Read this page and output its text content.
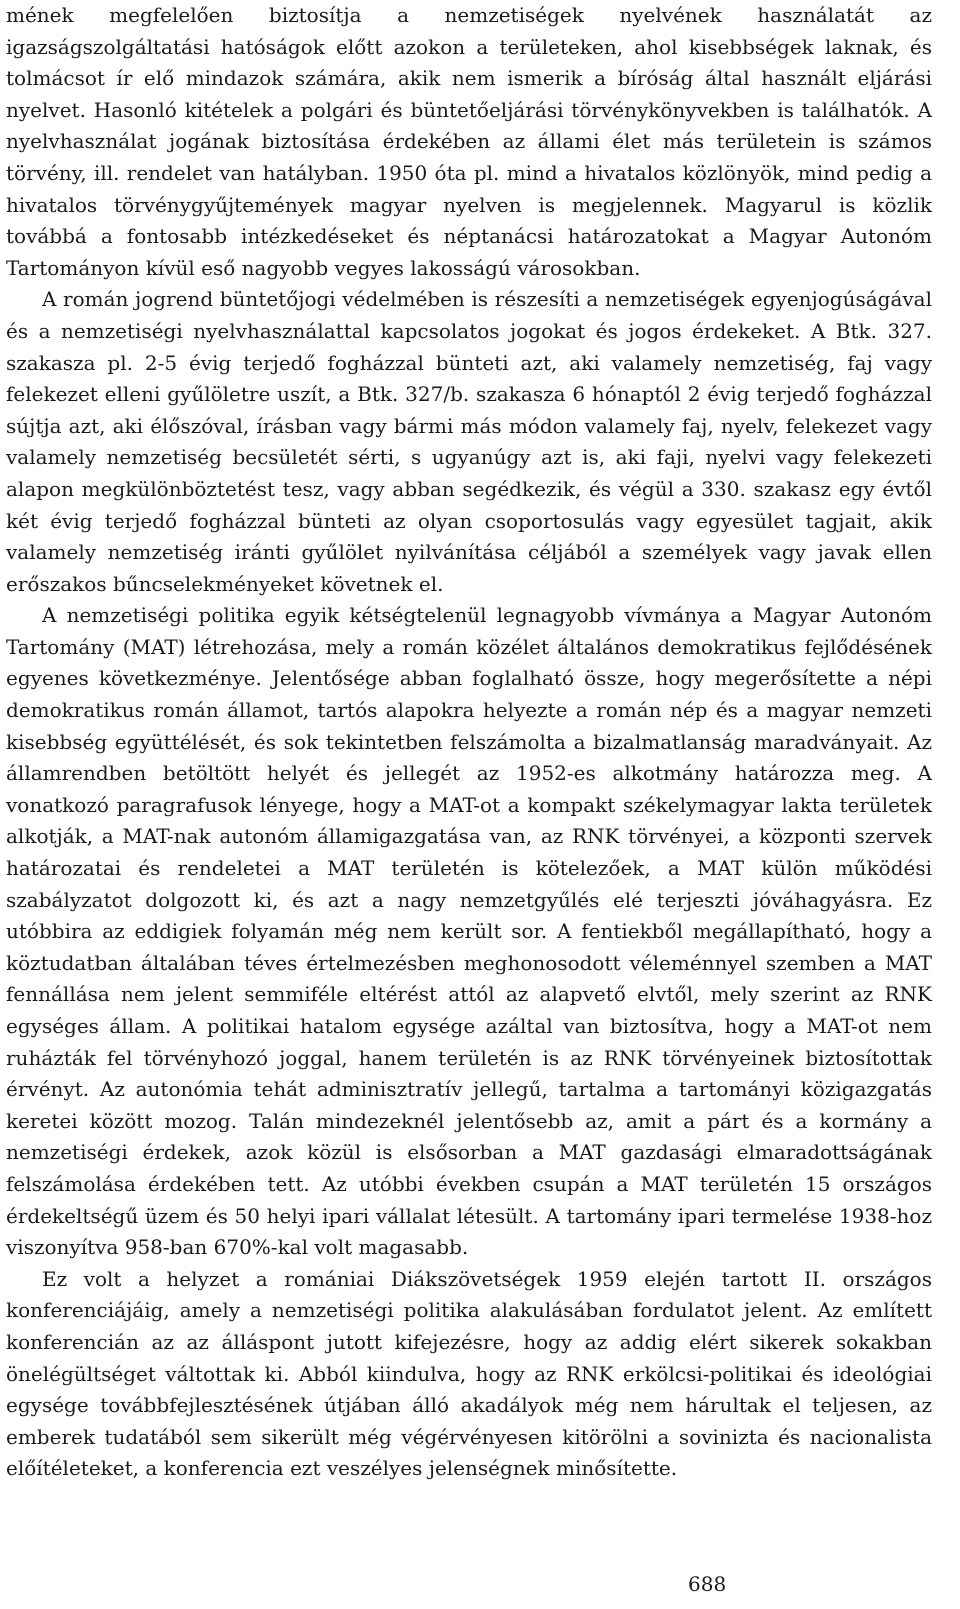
mének megfelelően biztosítja a nemzetiségek nyelvének használatát az igazságszolgáltatási hatóságok előtt azokon a területeken, ahol kisebbségek laknak, és tolmácsot ír elő mindazok számára, akik nem ismerik a bíróság által használt eljárási nyelvet. Hasonló kitételek a polgári és büntetőeljárási törvénykönyvekben is találhatók. A nyelvhasználat jogának biztosítása érdekében az állami élet más területein is számos törvény, ill. rendelet van hatályban. 1950 óta pl. mind a hivatalos közlönyök, mind pedig a hivatalos törvénygyűjtemények magyar nyelven is megjelennek. Magyarul is közlik továbbá a fontosabb intézkedéseket és néptanácsi határozatokat a Magyar Autonóm Tartományon kívül eső nagyobb vegyes lakosságú városokban.

A román jogrend büntetőjogi védelmében is részesíti a nemzetiségek egyenjogúságával és a nemzetiségi nyelvhasználattal kapcsolatos jogokat és jogos érdekeket. A Btk. 327. szakasza pl. 2-5 évig terjedő fogházzal bünteti azt, aki valamely nemzetiség, faj vagy felekezet elleni gyűlöletre uszít, a Btk. 327/b. szakasza 6 hónaptól 2 évig terjedő fogházzal sújtja azt, aki élőszóval, írásban vagy bármi más módon valamely faj, nyelv, felekezet vagy valamely nemzetiség becsületét sérti, s ugyanúgy azt is, aki faji, nyelvi vagy felekezeti alapon megkülönböztetést tesz, vagy abban segédkezik, és végül a 330. szakasz egy évtől két évig terjedő fogházzal bünteti az olyan csoportosulás vagy egyesület tagjait, akik valamely nemzetiség iránti gyűlölet nyilvánítása céljából a személyek vagy javak ellen erőszakos bűncselekményeket követnek el.

A nemzetiségi politika egyik kétségtelenül legnagyobb vívmánya a Magyar Autonóm Tartomány (MAT) létrehozása, mely a román közélet általános demokratikus fejlődésének egyenes következménye. Jelentősége abban foglalható össze, hogy megerősítette a népi demokratikus román államot, tartós alapokra helyezte a román nép és a magyar nemzeti kisebbség együttélését, és sok tekintetben felszámolta a bizalmatlanság maradványait. Az államrendben betöltött helyét és jellegét az 1952-es alkotmány határozza meg. A vonatkozó paragrafusok lényege, hogy a MAT-ot a kompakt székelymagyar lakta területek alkotják, a MAT-nak autonóm államigazgatása van, az RNK törvényei, a központi szervek határozatai és rendeletei a MAT területén is kötelezőek, a MAT külön működési szabályzatot dolgozott ki, és azt a nagy nemzetgyűlés elé terjeszti jóváhagyásra. Ez utóbbira az eddigiek folyamán még nem került sor. A fentiekből megállapítható, hogy a köztudatban általában téves értelmezésben meghonosodott véleménnyel szemben a MAT fennállása nem jelent semmiféle eltérést attól az alapvető elvtől, mely szerint az RNK egységes állam. A politikai hatalom egysége azáltal van biztosítva, hogy a MAT-ot nem ruházták fel törvényhozó joggal, hanem területén is az RNK törvényeinek biztosítottak érvényt. Az autonómia tehát adminisztratív jellegű, tartalma a tartományi közigazgatás keretei között mozog. Talán mindezeknél jelentősebb az, amit a párt és a kormány a nemzetiségi érdekek, azok közül is elsősorban a MAT gazdasági elmaradottságának felszámolása érdekében tett. Az utóbbi években csupán a MAT területén 15 országos érdekeltségű üzem és 50 helyi ipari vállalat létesült. A tartomány ipari termelése 1938-hoz viszonyítva 958-ban 670%-kal volt magasabb.

Ez volt a helyzet a romániai Diákszövetségek 1959 elején tartott II. országos konferenciájáig, amely a nemzetiségi politika alakulásában fordulatot jelent. Az említett konferencián az az álláspont jutott kifejezésre, hogy az addig elért sikerek sokakban önelégültséget váltottak ki. Abból kiindulva, hogy az RNK erkölcsi-politikai és ideológiai egysége továbbfejlesztésének útjában álló akadályok még nem hárultak el teljesen, az emberek tudatából sem sikerült még végérvényesen kitörölni a sovinizta és nacionalista előítéleteket, a konferencia ezt veszélyes jelenségnek minősítette.

688
